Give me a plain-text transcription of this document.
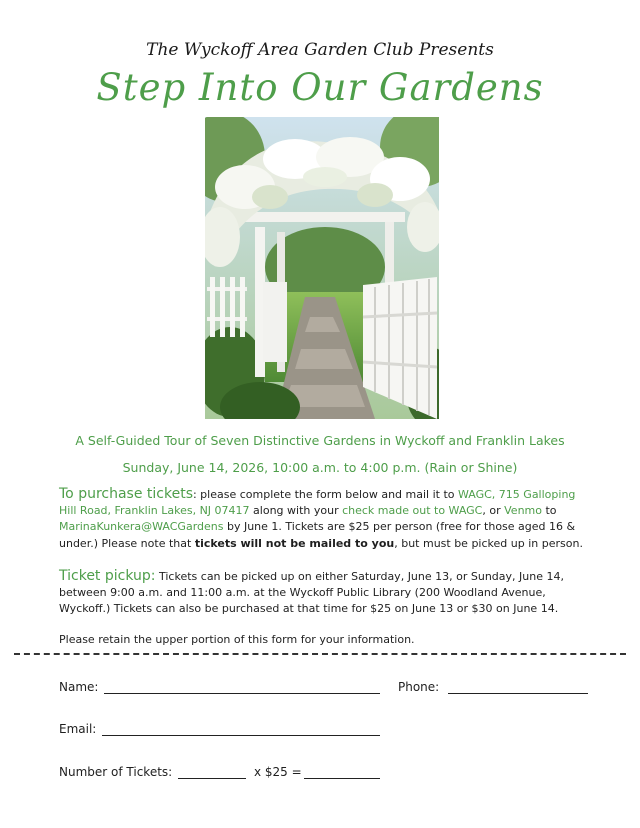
The Wyckoff Area Garden Club Presents
Step Into Our Gardens
A Self-Guided Tour of Seven Distinctive Gardens in Wyckoff and Franklin Lakes
Sunday, June 14, 2026, 10:00 a.m. to 4:00 p.m. (Rain or Shine)
To purchase tickets: please complete the form below and mail it to WAGC, 715 Galloping Hill Road, Franklin Lakes, NJ 07417 along with your check made out to WAGC, or Venmo to MarinaKunkera@WACGardens by June 1. Tickets are $25 per person (free for those aged 16 & under.) Please note that tickets will not be mailed to you, but must be picked up in person.
Ticket pickup: Tickets can be picked up on either Saturday, June 13, or Sunday, June 14, between 9:00 a.m. and 11:00 a.m. at the Wyckoff Public Library (200 Woodland Avenue, Wyckoff.) Tickets can also be purchased at that time for $25 on June 13 or $30 on June 14.
Please retain the upper portion of this form for your information.
Name:	Phone:
Email:
Number of Tickets:	x $25 =
